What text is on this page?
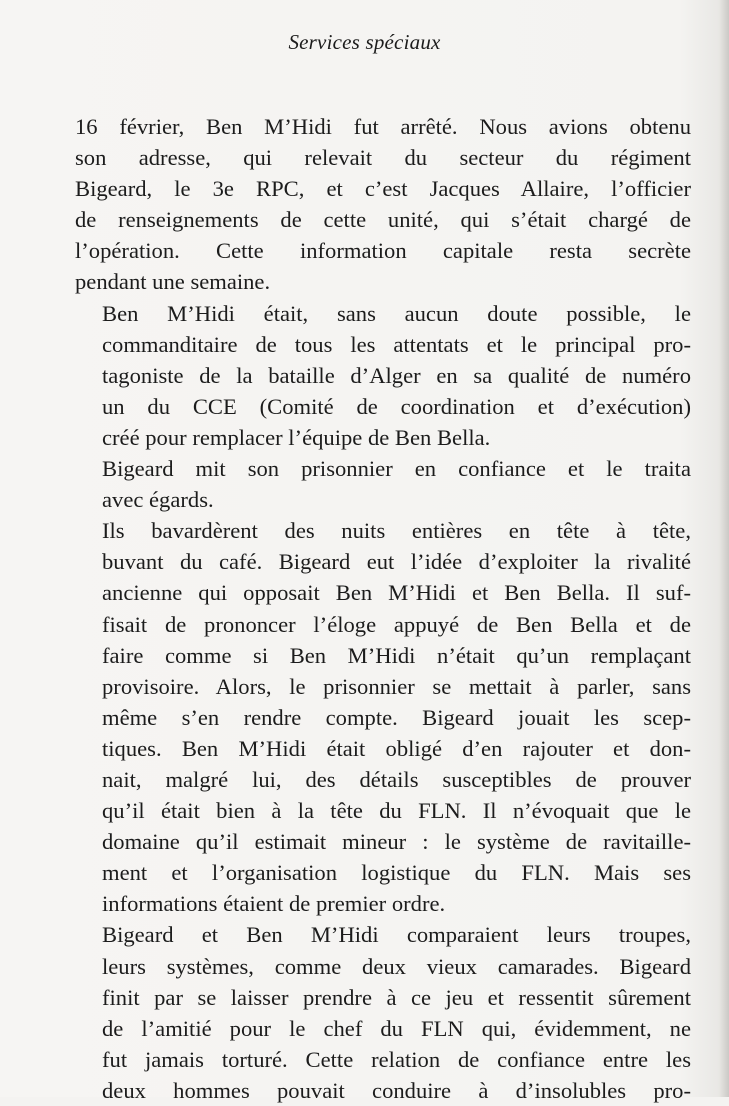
Services spéciaux
16 février, Ben M’Hidi fut arrêté. Nous avions obtenu
son adresse, qui relevait du secteur du régiment
Bigeard, le 3e RPC, et c’est Jacques Allaire, l’officier
de renseignements de cette unité, qui s’était chargé de
l’opération. Cette information capitale resta secrète
pendant une semaine.
Ben M’Hidi était, sans aucun doute possible, le
commanditaire de tous les attentats et le principal pro-
tagoniste de la bataille d’Alger en sa qualité de numéro
un du CCE (Comité de coordination et d’exécution)
créé pour remplacer l’équipe de Ben Bella.
Bigeard mit son prisonnier en confiance et le traita
avec égards.
Ils bavardèrent des nuits entières en tête à tête,
buvant du café. Bigeard eut l’idée d’exploiter la rivalité
ancienne qui opposait Ben M’Hidi et Ben Bella. Il suf-
fisait de prononcer l’éloge appuyé de Ben Bella et de
faire comme si Ben M’Hidi n’était qu’un remplaçant
provisoire. Alors, le prisonnier se mettait à parler, sans
même s’en rendre compte. Bigeard jouait les scep-
tiques. Ben M’Hidi était obligé d’en rajouter et don-
nait, malgré lui, des détails susceptibles de prouver
qu’il était bien à la tête du FLN. Il n’évoquait que le
domaine qu’il estimait mineur : le système de ravitaille-
ment et l’organisation logistique du FLN. Mais ses
informations étaient de premier ordre.
Bigeard et Ben M’Hidi comparaient leurs troupes,
leurs systèmes, comme deux vieux camarades. Bigeard
finit par se laisser prendre à ce jeu et ressentit sûrement
de l’amitié pour le chef du FLN qui, évidemment, ne
fut jamais torturé. Cette relation de confiance entre les
deux hommes pouvait conduire à d’insolubles pro-
